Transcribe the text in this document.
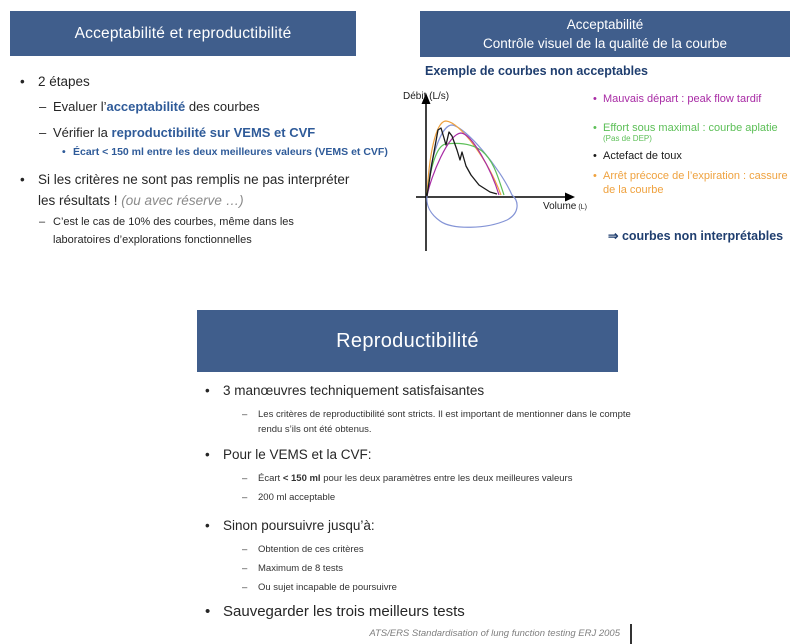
Acceptabilité et reproductibilité
• 2 étapes
– Evaluer l’acceptabilité des courbes
– Vérifier la reproductibilité sur VEMS et CVF
• Écart < 150 ml entre les deux meilleures valeurs (VEMS et CVF)
• Si les critères ne sont pas remplis ne pas interpréter les résultats ! (ou avec réserve …)
– C’est le cas de 10% des courbes, même dans les laboratoires d’explorations fonctionnelles
Acceptabilité
Contrôle visuel de la qualité de la courbe
Exemple de courbes non acceptables
Débit (L/s)
Volume (L)
• Mauvais départ : peak flow tardif
• Effort sous maximal : courbe aplatie
(Pas de DEP)
• Actefact de toux
• Arrêt précoce de l’expiration : cassure de la courbe
⇒ courbes non interprétables
Reproductibilité
• 3 manœuvres techniquement satisfaisantes
– Les critères de reproductibilité sont stricts. Il est important de mentionner dans le compte rendu s’ils ont été obtenus.
• Pour le VEMS et la CVF:
– Écart < 150 ml pour les deux paramètres entre les deux meilleures valeurs
– 200 ml acceptable
• Sinon poursuivre jusqu’à:
– Obtention de ces critères
– Maximum de 8 tests
– Ou sujet incapable de poursuivre
• Sauvegarder les trois meilleurs tests
ATS/ERS Standardisation of lung function testing ERJ 2005
